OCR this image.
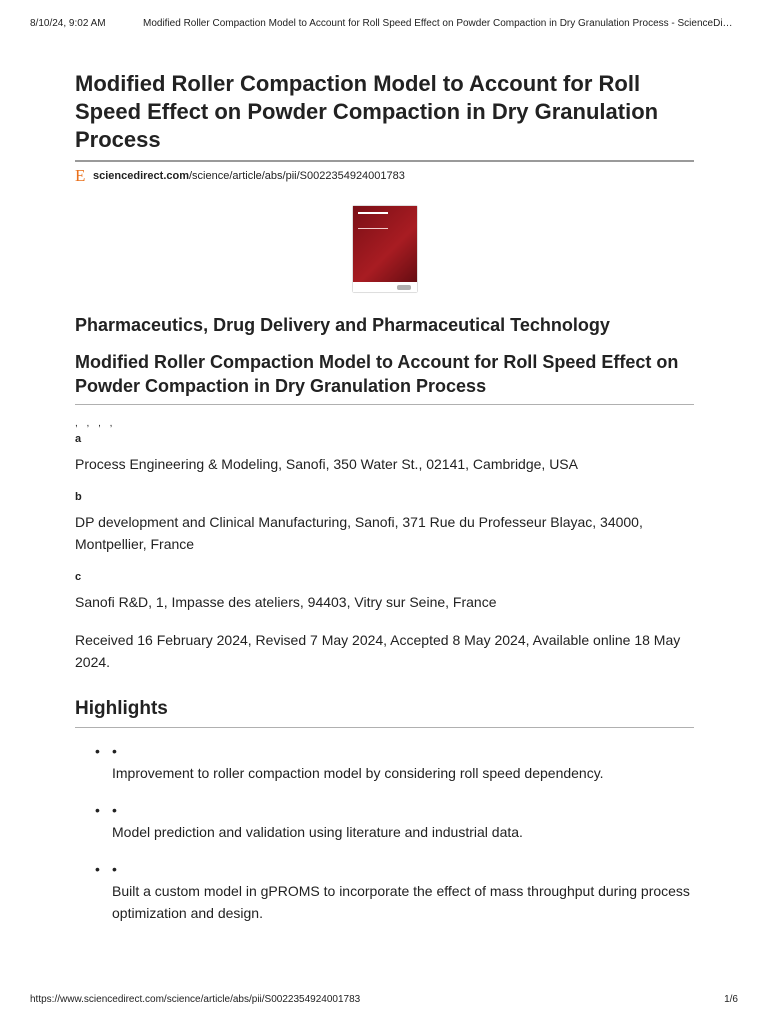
8/10/24, 9:02 AM	Modified Roller Compaction Model to Account for Roll Speed Effect on Powder Compaction in Dry Granulation Process - ScienceDi…
Modified Roller Compaction Model to Account for Roll Speed Effect on Powder Compaction in Dry Granulation Process
E sciencedirect.com /science/article/abs/pii/S0022354924001783
Pharmaceutics, Drug Delivery and Pharmaceutical Technology
Modified Roller Compaction Model to Account for Roll Speed Effect on Powder Compaction in Dry Granulation Process
, , , ,
a
Process Engineering & Modeling, Sanofi, 350 Water St., 02141, Cambridge, USA
b
DP development and Clinical Manufacturing, Sanofi, 371 Rue du Professeur Blayac, 34000, Montpellier, France
c
Sanofi R&D, 1, Impasse des ateliers, 94403, Vitry sur Seine, France
Received 16 February 2024, Revised 7 May 2024, Accepted 8 May 2024, Available online 18 May 2024.
Highlights
• •
Improvement to roller compaction model by considering roll speed dependency.
• •
Model prediction and validation using literature and industrial data.
• •
Built a custom model in gPROMS to incorporate the effect of mass throughput during process optimization and design.
https://www.sciencedirect.com/science/article/abs/pii/S0022354924001783	1/6
